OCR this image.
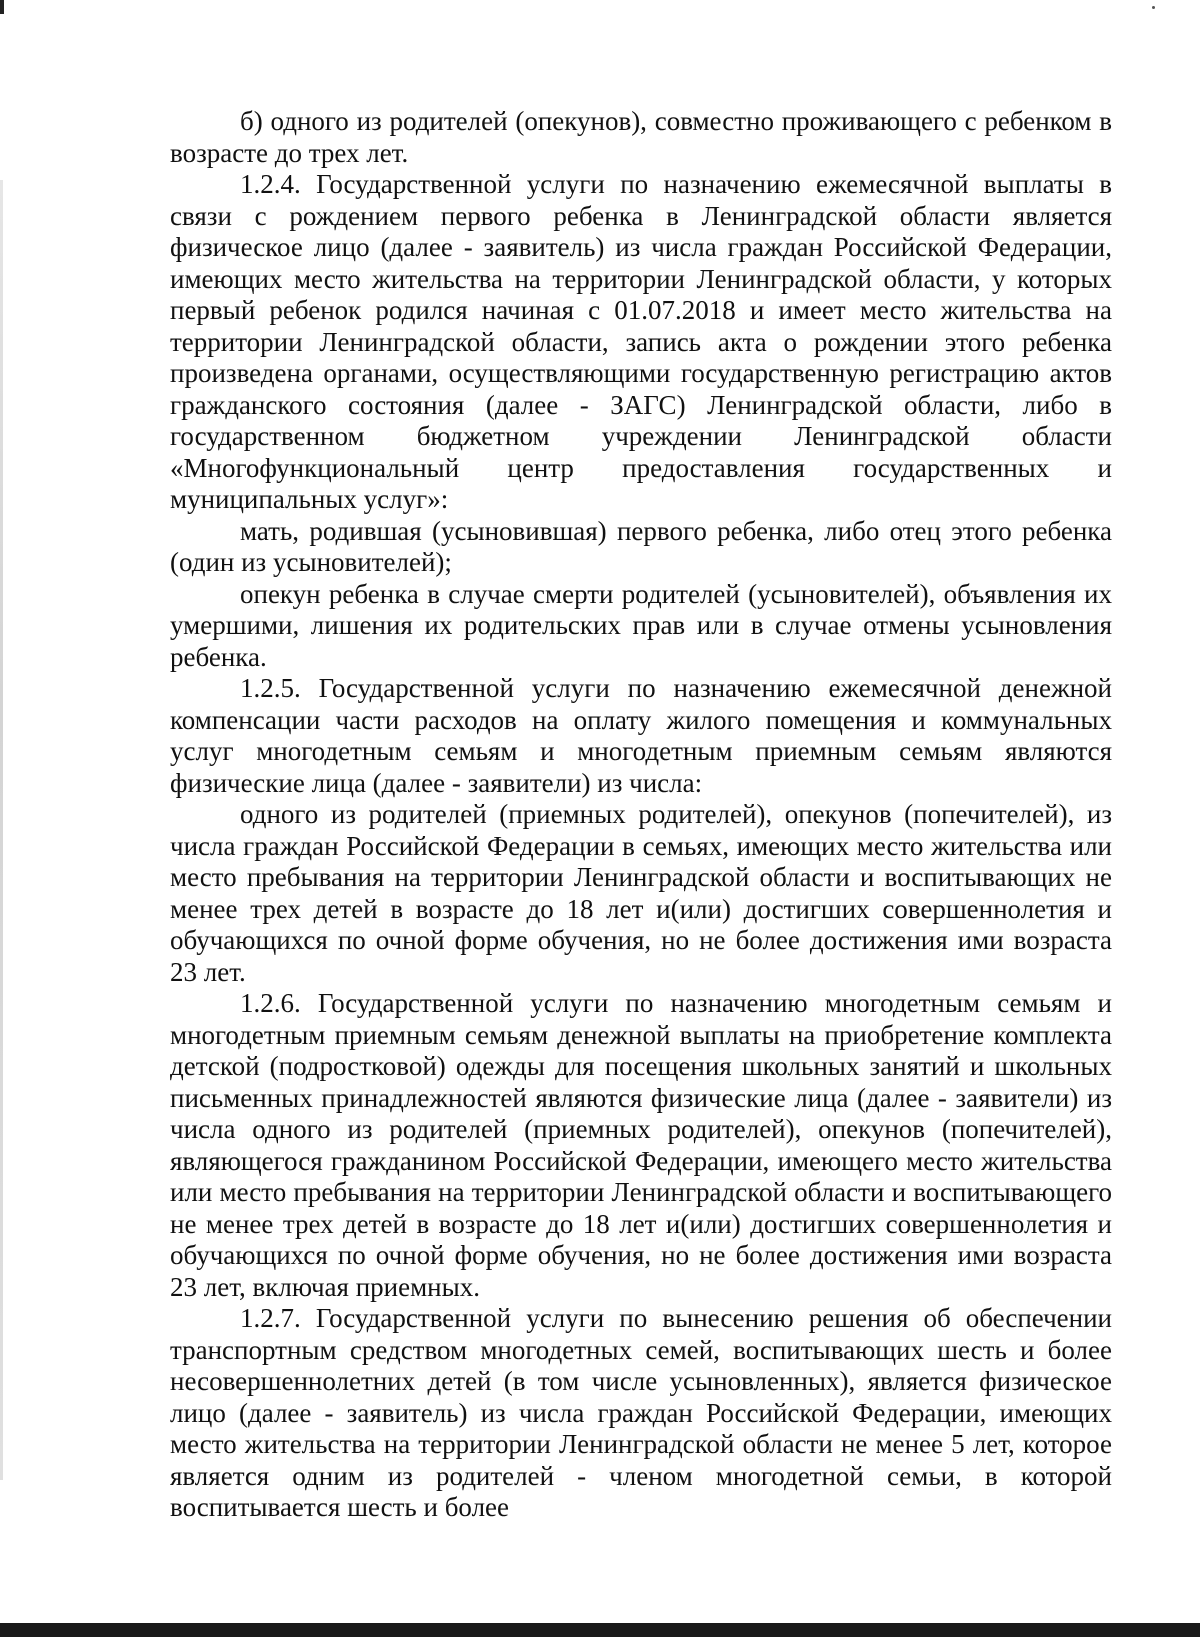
б) одного из родителей (опекунов), совместно проживающего с ребенком в возрасте до трех лет.

1.2.4. Государственной услуги по назначению ежемесячной выплаты в связи с рождением первого ребенка в Ленинградской области является физическое лицо (далее - заявитель) из числа граждан Российской Федерации, имеющих место жительства на территории Ленинградской области, у которых первый ребенок родился начиная с 01.07.2018 и имеет место жительства на территории Ленинградской области, запись акта о рождении этого ребенка произведена органами, осуществляющими государственную регистрацию актов гражданского состояния (далее - ЗАГС) Ленинградской области, либо в государственном бюджетном учреждении Ленинградской области «Многофункциональный центр предоставления государственных и муниципальных услуг»:

мать, родившая (усыновившая) первого ребенка, либо отец этого ребенка (один из усыновителей);

опекун ребенка в случае смерти родителей (усыновителей), объявления их умершими, лишения их родительских прав или в случае отмены усыновления ребенка.

1.2.5. Государственной услуги по назначению ежемесячной денежной компенсации части расходов на оплату жилого помещения и коммунальных услуг многодетным семьям и многодетным приемным семьям являются физические лица (далее - заявители) из числа:

одного из родителей (приемных родителей), опекунов (попечителей), из числа граждан Российской Федерации в семьях, имеющих место жительства или место пребывания на территории Ленинградской области и воспитывающих не менее трех детей в возрасте до 18 лет и(или) достигших совершеннолетия и обучающихся по очной форме обучения, но не более достижения ими возраста 23 лет.

1.2.6. Государственной услуги по назначению многодетным семьям и многодетным приемным семьям денежной выплаты на приобретение комплекта детской (подростковой) одежды для посещения школьных занятий и школьных письменных принадлежностей являются физические лица (далее - заявители) из числа одного из родителей (приемных родителей), опекунов (попечителей), являющегося гражданином Российской Федерации, имеющего место жительства или место пребывания на территории Ленинградской области и воспитывающего не менее трех детей в возрасте до 18 лет и(или) достигших совершеннолетия и обучающихся по очной форме обучения, но не более достижения ими возраста 23 лет, включая приемных.

1.2.7. Государственной услуги по вынесению решения об обеспечении транспортным средством многодетных семей, воспитывающих шесть и более несовершеннолетних детей (в том числе усыновленных), является физическое лицо (далее - заявитель) из числа граждан Российской Федерации, имеющих место жительства на территории Ленинградской области не менее 5 лет, которое является одним из родителей - членом многодетной семьи, в которой воспитывается шесть и более
